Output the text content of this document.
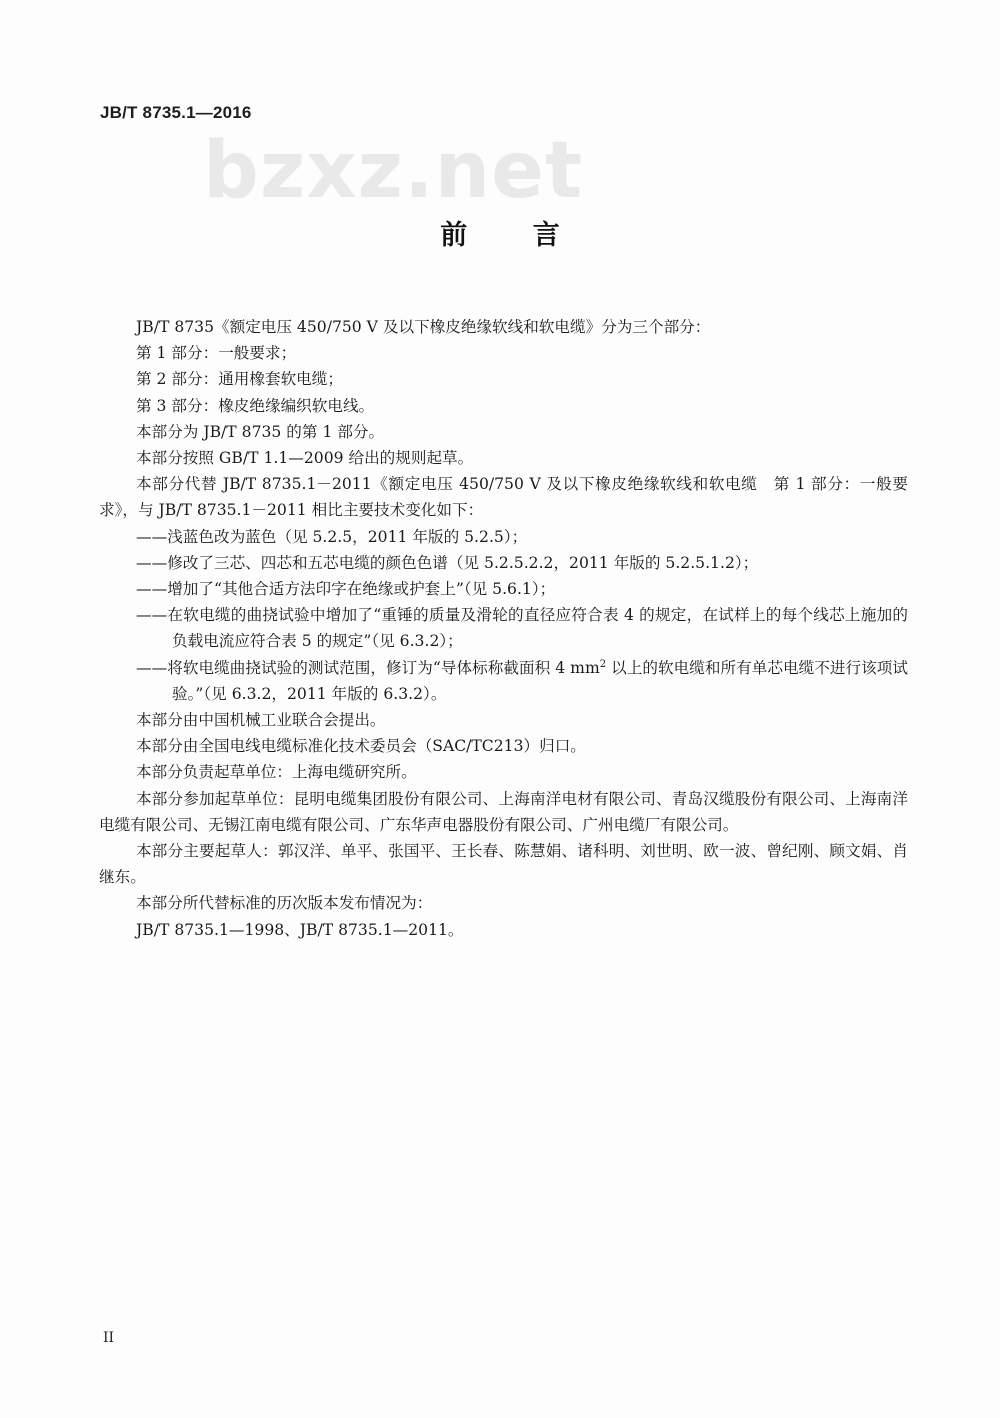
JB/T 8735.1—2016
bzxz.net
前 言

JB/T 8735《额定电压 450/750 V 及以下橡皮绝缘软线和软电缆》分为三个部分：

第 1 部分：一般要求；

第 2 部分：通用橡套软电缆；

第 3 部分：橡皮绝缘编织软电线。

本部分为 JB/T 8735 的第 1 部分。

本部分按照 GB/T 1.1—2009 给出的规则起草。

本部分代替 JB/T 8735.1－2011《额定电压 450/750 V 及以下橡皮绝缘软线和软电缆　第 1 部分：一般要求》，与 JB/T 8735.1－2011 相比主要技术变化如下：

——浅蓝色改为蓝色（见 5.2.5，2011 年版的 5.2.5）；

——修改了三芯、四芯和五芯电缆的颜色色谱（见 5.2.5.2.2，2011 年版的 5.2.5.1.2）；

——增加了“其他合适方法印字在绝缘或护套上”（见 5.6.1）；

——在软电缆的曲挠试验中增加了“重锤的质量及滑轮的直径应符合表 4 的规定，在试样上的每个线芯上施加的负载电流应符合表 5 的规定”（见 6.3.2）；

——将软电缆曲挠试验的测试范围，修订为“导体标称截面积 4 $mm^2$ 以上的软电缆和所有单芯电缆不进行该项试验。”（见 6.3.2，2011 年版的 6.3.2）。

本部分由中国机械工业联合会提出。

本部分由全国电线电缆标准化技术委员会（SAC/TC213）归口。

本部分负责起草单位：上海电缆研究所。

本部分参加起草单位：昆明电缆集团股份有限公司、上海南洋电材有限公司、青岛汉缆股份有限公司、上海南洋电缆有限公司、无锡江南电缆有限公司、广东华声电器股份有限公司、广州电缆厂有限公司。

本部分主要起草人：郭汉洋、单平、张国平、王长春、陈慧娟、诸科明、刘世明、欧一波、曾纪刚、顾文娟、肖继东。

本部分所代替标准的历次版本发布情况为：

JB/T 8735.1—1998、JB/T 8735.1—2011。

II
